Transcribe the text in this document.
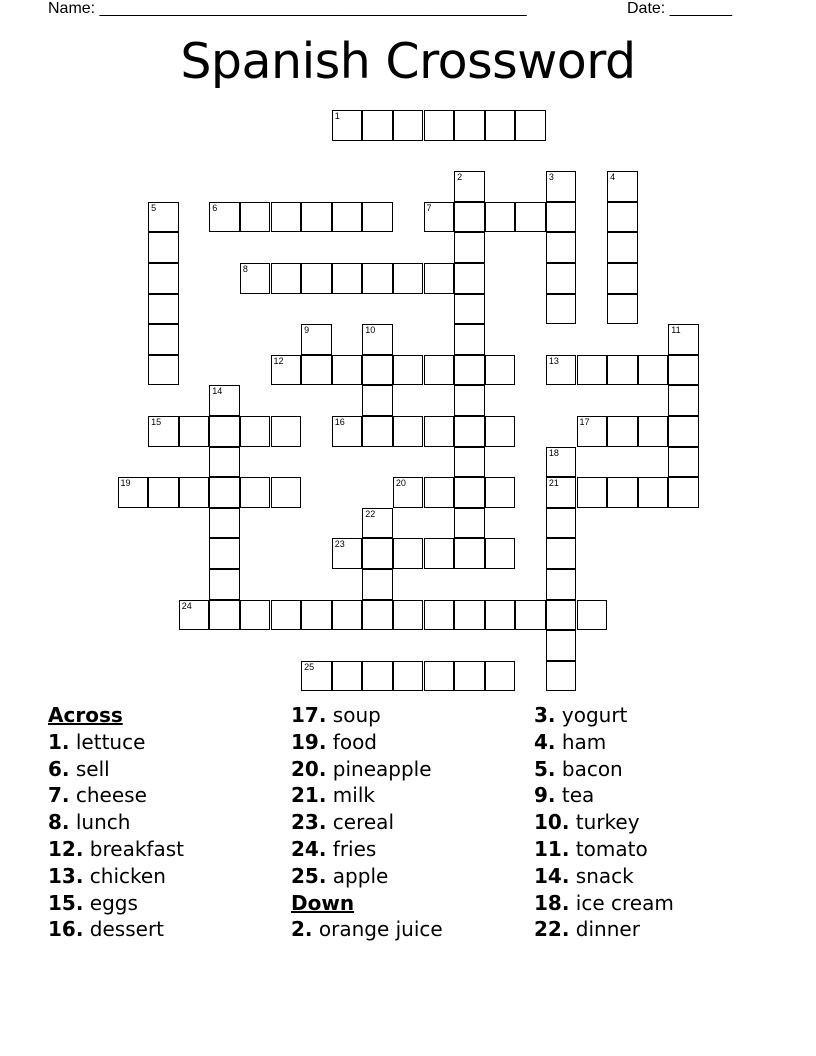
Name: ________________________________________________	Date: _______
Spanish Crossword
1
2	3	4
5	6	7
8
9	10	11
12	13
14
15	16	17
18
21
19	20
22
23
24
25
Across
1. lettuce
6. sell
7. cheese
8. lunch
12. breakfast
13. chicken
15. eggs
16. dessert
17. soup
19. food
20. pineapple
21. milk
23. cereal
24. fries
25. apple
Down
2. orange juice
3. yogurt
4. ham
5. bacon
9. tea
10. turkey
11. tomato
14. snack
18. ice cream
22. dinner
